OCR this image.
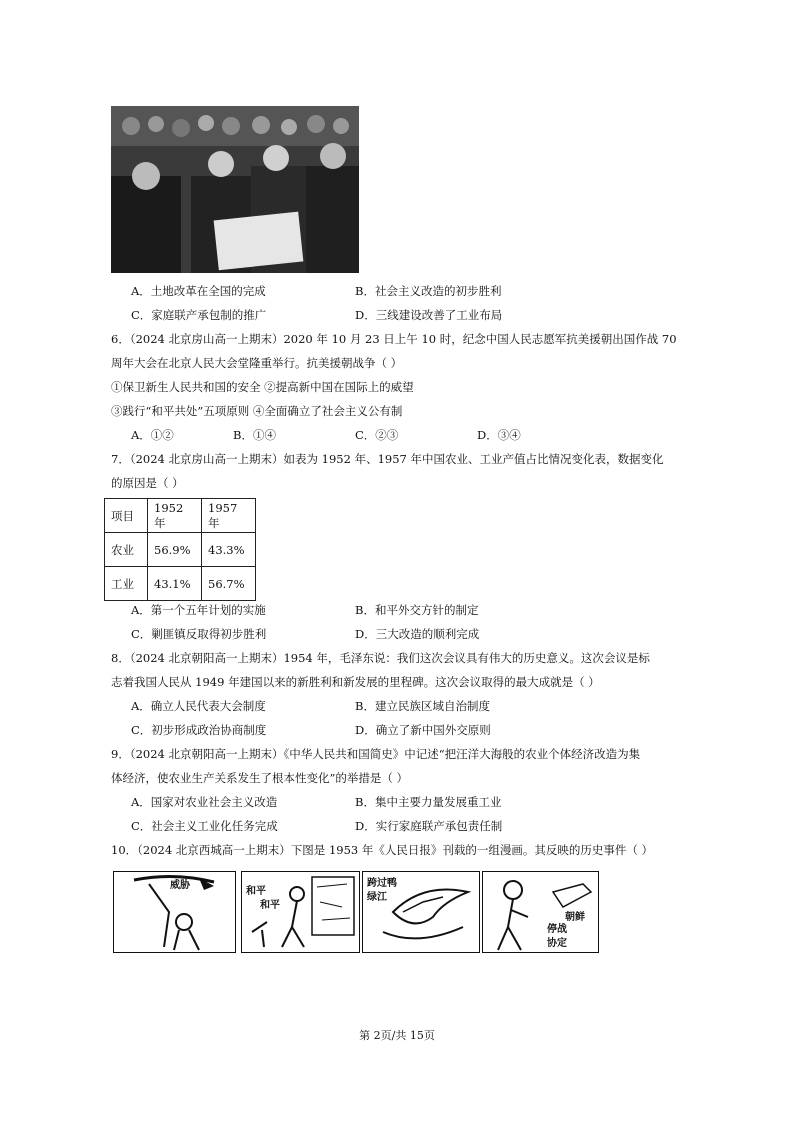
A．土地改革在全国的完成	B．社会主义改造的初步胜利
C．家庭联产承包制的推广	D．三线建设改善了工业布局
6．（2024 北京房山高一上期末）2020 年 10 月 23 日上午 10 时，纪念中国人民志愿军抗美援朝出国作战 70
周年大会在北京人民大会堂隆重举行。抗美援朝战争（ ）
①保卫新生人民共和国的安全 ②提高新中国在国际上的威望
③践行“和平共处”五项原则 ④全面确立了社会主义公有制
A．①②	B．①④	C．②③	D．③④
7．（2024 北京房山高一上期末）如表为 1952 年、1957 年中国农业、工业产值占比情况变化表，数据变化
的原因是（ ）
项目	1952 年	1957 年
农业	56.9%	43.3%
工业	43.1%	56.7%
A．第一个五年计划的实施	B．和平外交方针的制定
C．剿匪镇反取得初步胜利	D．三大改造的顺利完成
8．（2024 北京朝阳高一上期末）1954 年，毛泽东说：我们这次会议具有伟大的历史意义。这次会议是标
志着我国人民从 1949 年建国以来的新胜利和新发展的里程碑。这次会议取得的最大成就是（ ）
A．确立人民代表大会制度	B．建立民族区域自治制度
C．初步形成政治协商制度	D．确立了新中国外交原则
9．（2024 北京朝阳高一上期末）《中华人民共和国简史》中记述“把汪洋大海般的农业个体经济改造为集
体经济，使农业生产关系发生了根本性变化”的举措是（ ）
A．国家对农业社会主义改造	B．集中主要力量发展重工业
C．社会主义工业化任务完成	D．实行家庭联产承包责任制
10．（2024 北京西城高一上期末）下图是 1953 年《人民日报》刊载的一组漫画。其反映的历史事件（ ）
威胁
和平
和平
跨过鸭
绿江
朝鲜
停战
协定
第 2页/共 15页
